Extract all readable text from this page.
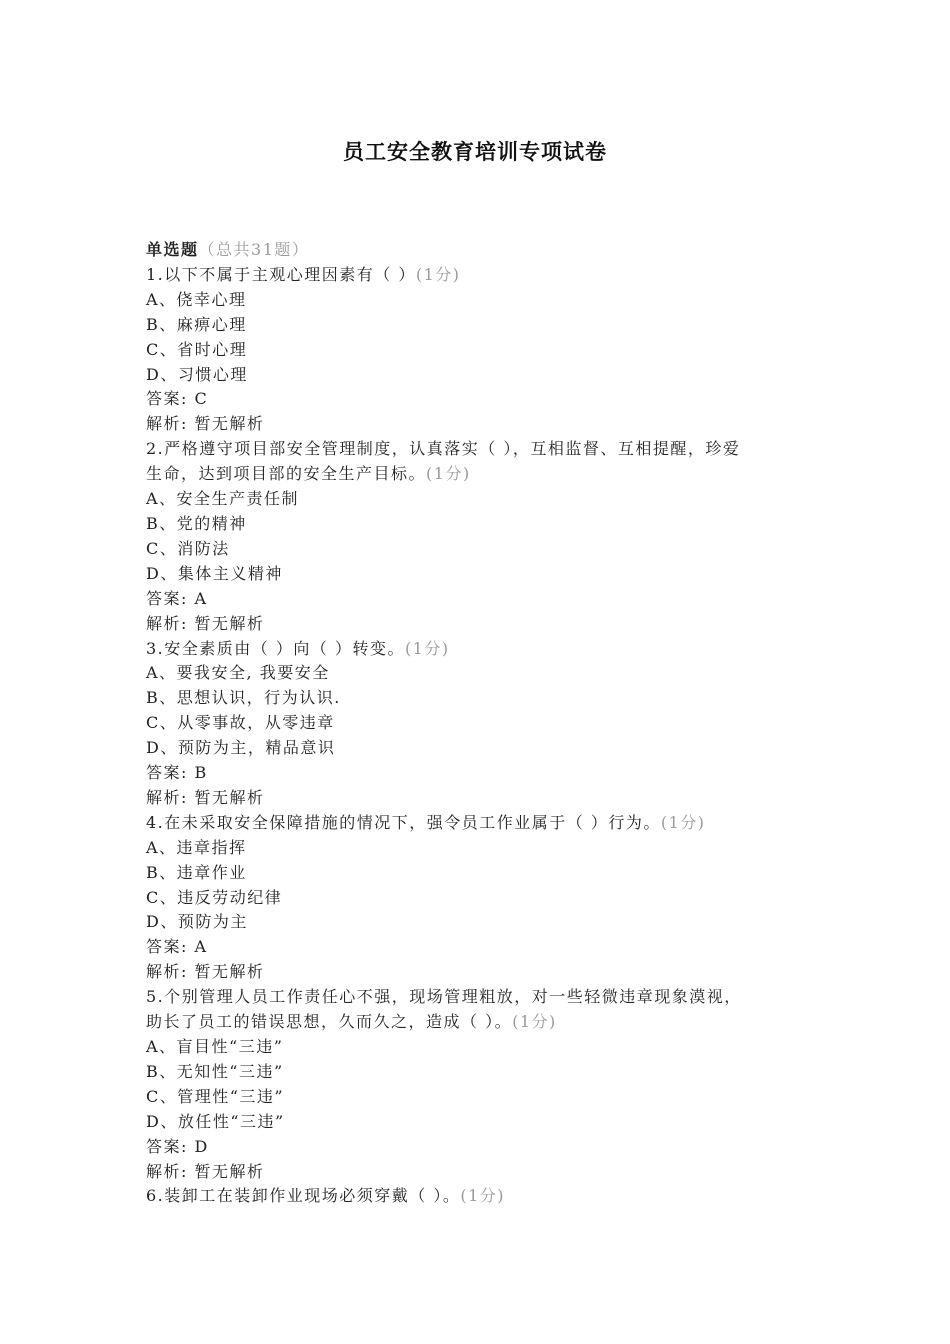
员工安全教育培训专项试卷
单选题（总共31题）
1.以下不属于主观心理因素有（ ）(1分)
A、侥幸心理
B、麻痹心理
C、省时心理
D、习惯心理
答案: C
解析: 暂无解析
2.严格遵守项目部安全管理制度，认真落实（ ），互相监督、互相提醒，珍爱
生命，达到项目部的安全生产目标。(1分)
A、安全生产责任制
B、党的精神
C、消防法
D、集体主义精神
答案: A
解析: 暂无解析
3.安全素质由（ ）向（ ）转变。(1分)
A、要我安全, 我要安全
B、思想认识，行为认识.
C、从零事故，从零违章
D、预防为主，精品意识
答案: B
解析: 暂无解析
4.在未采取安全保障措施的情况下，强令员工作业属于（ ）行为。(1分)
A、违章指挥
B、违章作业
C、违反劳动纪律
D、预防为主
答案: A
解析: 暂无解析
5.个别管理人员工作责任心不强，现场管理粗放，对一些轻微违章现象漠视，
助长了员工的错误思想，久而久之，造成（ ）。(1分)
A、盲目性“三违”
B、无知性“三违”
C、管理性“三违”
D、放任性“三违”
答案: D
解析: 暂无解析
6.装卸工在装卸作业现场必须穿戴（ ）。(1分)
